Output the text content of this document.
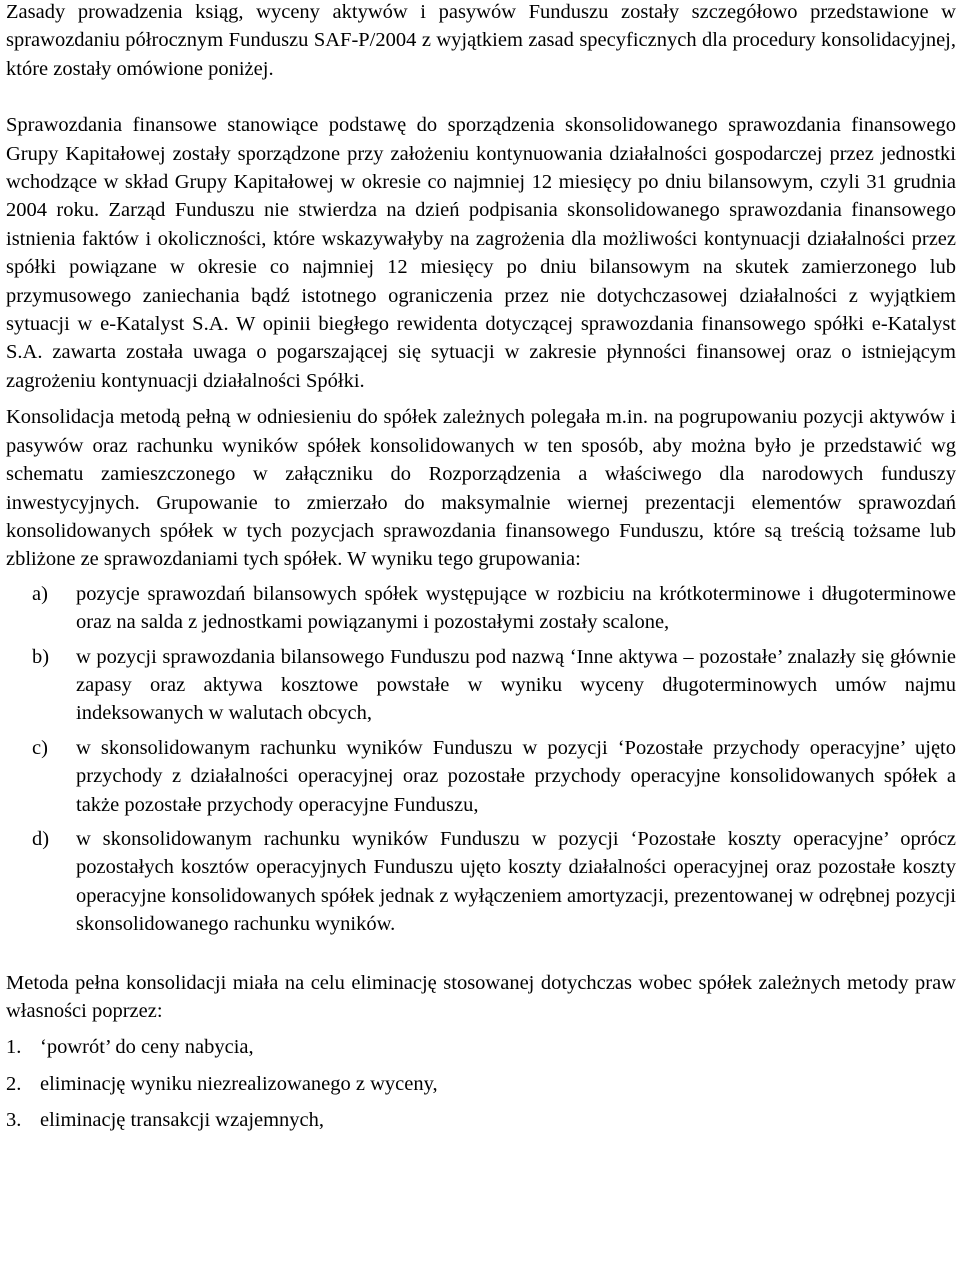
Zasady prowadzenia ksiąg, wyceny aktywów i pasywów Funduszu zostały szczegółowo przedstawione w sprawozdaniu półrocznym Funduszu SAF-P/2004 z wyjątkiem zasad specyficznych dla procedury konsolidacyjnej, które zostały omówione poniżej.

Sprawozdania finansowe stanowiące podstawę do sporządzenia skonsolidowanego sprawozdania finansowego Grupy Kapitałowej zostały sporządzone przy założeniu kontynuowania działalności gospodarczej przez jednostki wchodzące w skład Grupy Kapitałowej w okresie co najmniej 12 miesięcy po dniu bilansowym, czyli 31 grudnia 2004 roku. Zarząd Funduszu nie stwierdza na dzień podpisania skonsolidowanego sprawozdania finansowego istnienia faktów i okoliczności, które wskazywałyby na zagrożenia dla możliwości kontynuacji działalności przez spółki powiązane w okresie co najmniej 12 miesięcy po dniu bilansowym na skutek zamierzonego lub przymusowego zaniechania bądź istotnego ograniczenia przez nie dotychczasowej działalności z wyjątkiem sytuacji w e-Katalyst S.A. W opinii biegłego rewidenta dotyczącej sprawozdania finansowego spółki e-Katalyst S.A. zawarta została uwaga o pogarszającej się sytuacji w zakresie płynności finansowej oraz o istniejącym zagrożeniu kontynuacji działalności Spółki.

Konsolidacja metodą pełną w odniesieniu do spółek zależnych polegała m.in. na pogrupowaniu pozycji aktywów i pasywów oraz rachunku wyników spółek konsolidowanych w ten sposób, aby można było je przedstawić wg schematu zamieszczonego w załączniku do Rozporządzenia a właściwego dla narodowych funduszy inwestycyjnych. Grupowanie to zmierzało do maksymalnie wiernej prezentacji elementów sprawozdań konsolidowanych spółek w tych pozycjach sprawozdania finansowego Funduszu, które są treścią tożsame lub zbliżone ze sprawozdaniami tych spółek. W wyniku tego grupowania:

a) pozycje sprawozdań bilansowych spółek występujące w rozbiciu na krótkoterminowe i długoterminowe oraz na salda z jednostkami powiązanymi i pozostałymi zostały scalone,
b) w pozycji sprawozdania bilansowego Funduszu pod nazwą ‘Inne aktywa – pozostałe’ znalazły się głównie zapasy oraz aktywa kosztowe powstałe w wyniku wyceny długoterminowych umów najmu indeksowanych w walutach obcych,
c) w skonsolidowanym rachunku wyników Funduszu w pozycji ‘Pozostałe przychody operacyjne’ ujęto przychody z działalności operacyjnej oraz pozostałe przychody operacyjne konsolidowanych spółek a także pozostałe przychody operacyjne Funduszu,
d) w skonsolidowanym rachunku wyników Funduszu w pozycji ‘Pozostałe koszty operacyjne’ oprócz pozostałych kosztów operacyjnych Funduszu ujęto koszty działalności operacyjnej oraz pozostałe koszty operacyjne konsolidowanych spółek jednak z wyłączeniem amortyzacji, prezentowanej w odrębnej pozycji skonsolidowanego rachunku wyników.

Metoda pełna konsolidacji miała na celu eliminację stosowanej dotychczas wobec spółek zależnych metody praw własności poprzez:

1. ‘powrót’ do ceny nabycia,
2. eliminację wyniku niezrealizowanego z wyceny,
3. eliminację transakcji wzajemnych,
